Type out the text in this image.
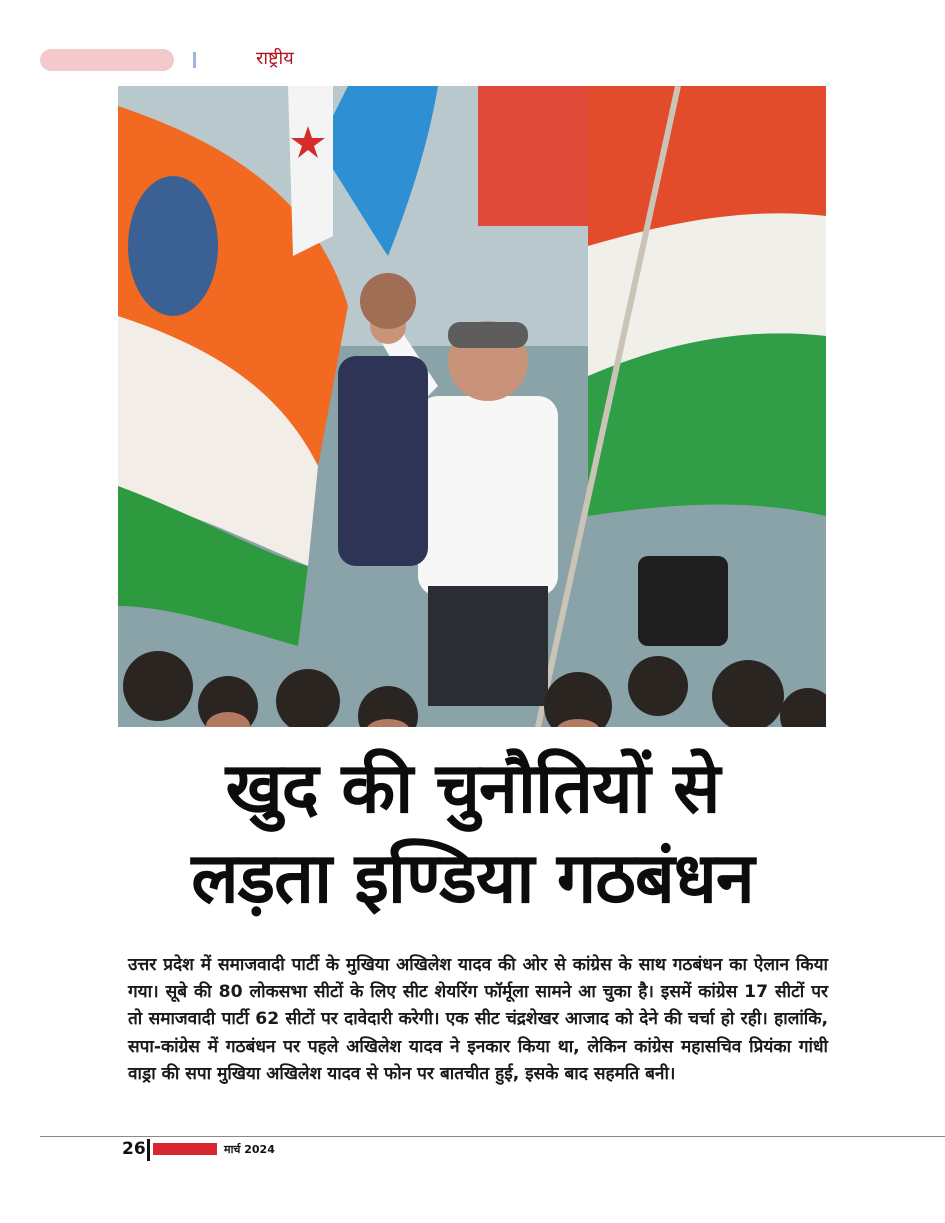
राष्ट्रीय
खुद की चुनौतियों से
लड़ता इण्डिया गठबंधन
उत्तर प्रदेश में समाजवादी पार्टी के मुखिया अखिलेश यादव की ओर से कांग्रेस के साथ गठबंधन का ऐलान किया गया। सूबे की 80 लोकसभा सीटों के लिए सीट शेयरिंग फॉर्मूला सामने आ चुका है। इसमें कांग्रेस 17 सीटों पर तो समाजवादी पार्टी 62 सीटों पर दावेदारी करेगी। एक सीट चंद्रशेखर आजाद को देने की चर्चा हो रही। हालांकि, सपा-कांग्रेस में गठबंधन पर पहले अखिलेश यादव ने इनकार किया था, लेकिन कांग्रेस महासचिव प्रियंका गांधी वाड्रा की सपा मुखिया अखिलेश यादव से फोन पर बातचीत हुई, इसके बाद सहमति बनी।
26	मार्च 2024
